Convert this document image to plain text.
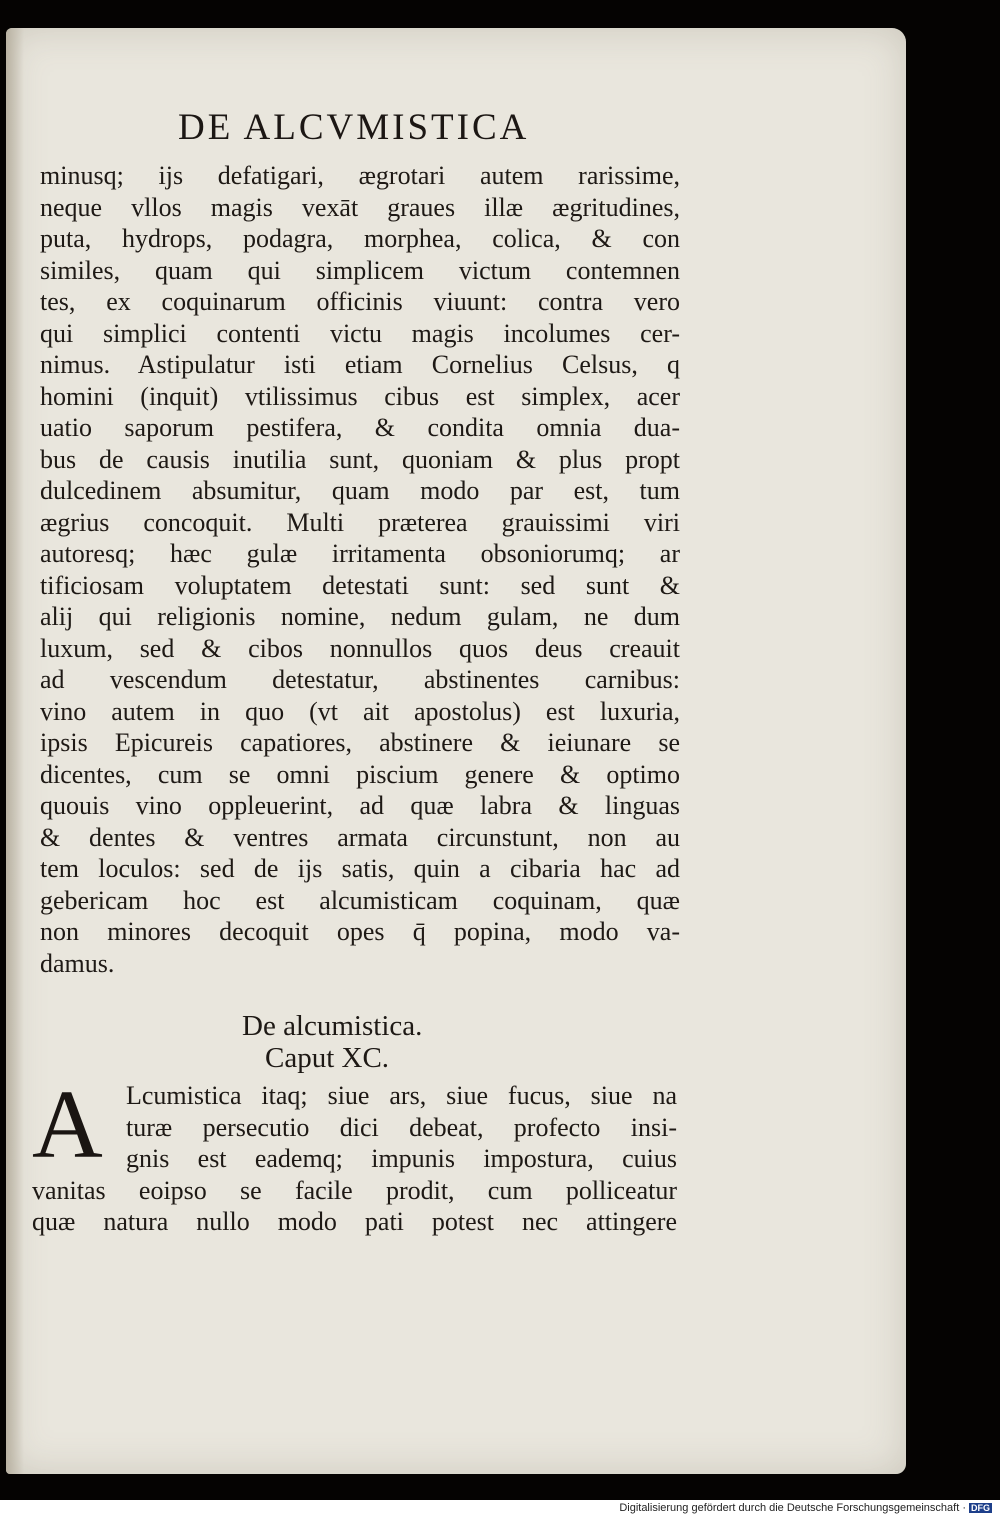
DE ALCVMISTICA
minusq; ijs defatigari, ægrotari autem rarissime,
neque vllos magis vexāt graues illæ ægritudines,
puta, hydrops, podagra, morphea, colica, & con
similes, quam qui simplicem victum contemnen
tes, ex coquinarum officinis viuunt: contra vero
qui simplici contenti victu magis incolumes cer-
nimus. Astipulatur isti etiam Cornelius Celsus, q
homini (inquit) vtilissimus cibus est simplex, acer
uatio saporum pestifera, & condita omnia dua-
bus de causis inutilia sunt, quoniam & plus propt
dulcedinem absumitur, quam modo par est, tum
ægrius concoquit. Multi præterea grauissimi viri
autoresq; hæc gulæ irritamenta obsoniorumq; ar
tificiosam voluptatem detestati sunt: sed sunt &
alij qui religionis nomine, nedum gulam, ne dum
luxum, sed & cibos nonnullos quos deus creauit
ad vescendum detestatur, abstinentes carnibus:
vino autem in quo (vt ait apostolus) est luxuria,
ipsis Epicureis capatiores, abstinere & ieiunare se
dicentes, cum se omni piscium genere & optimo
quouis vino oppleuerint, ad quæ labra & linguas
& dentes & ventres armata circunstunt, non au
tem loculos: sed de ijs satis, quin a cibaria hac ad
gebericam hoc est alcumisticam coquinam, quæ
non minores decoquit opes q̄ popina, modo va-
damus.
De alcumistica.
Caput XC.
A Lcumistica itaq; siue ars, siue fucus, siue na
turæ persecutio dici debeat, profecto insi-
gnis est eademq; impunis impostura, cuius
vanitas eoipso se facile prodit, cum polliceatur
quæ natura nullo modo pati potest nec attingere
Digitalisierung gefördert durch die Deutsche Forschungsgemeinschaft · DFG
